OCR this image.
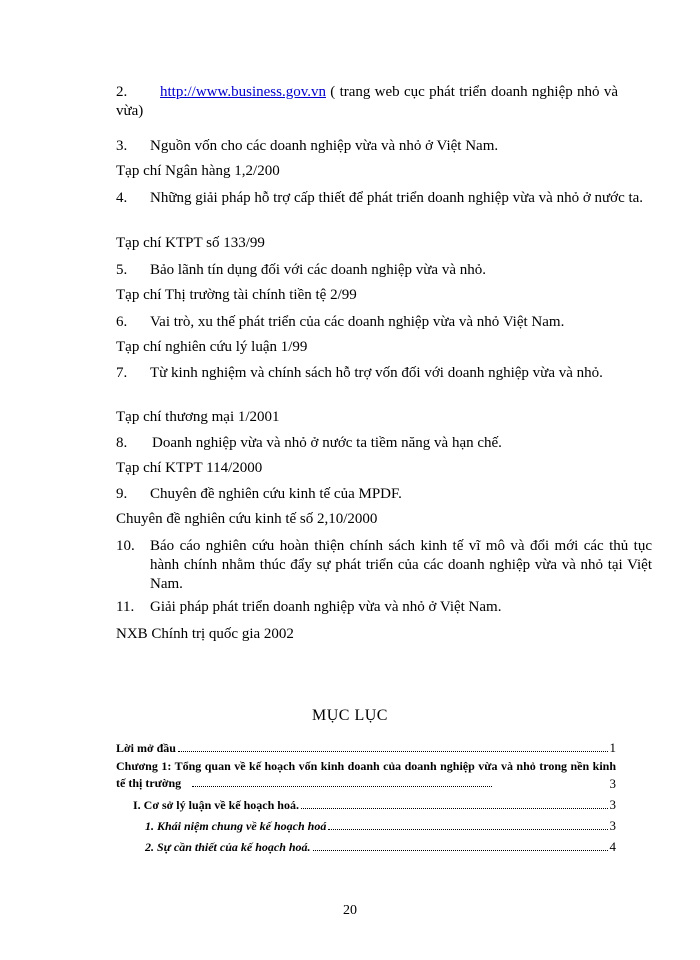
2. http://www.business.gov.vn ( trang web cục phát triển doanh nghiệp nhỏ và vừa)
3. Nguồn vốn cho các doanh nghiệp vừa và nhỏ ở Việt Nam.
Tạp chí Ngân hàng 1,2/200
4. Những giải pháp hỗ trợ cấp thiết để phát triển doanh nghiệp vừa và nhỏ ở nước ta.
Tạp chí KTPT số 133/99
5. Bảo lãnh tín dụng đối với các doanh nghiệp vừa và nhỏ.
Tạp chí Thị trường tài chính tiền tệ 2/99
6. Vai trò, xu thế phát triển của các doanh nghiệp vừa và nhỏ Việt Nam.
Tạp chí nghiên cứu lý luận 1/99
7. Từ kinh nghiệm và chính sách hỗ trợ vốn đối với doanh nghiệp vừa và nhỏ.
Tạp chí thương mại 1/2001
8. Doanh nghiệp vừa và nhỏ ở nước ta tiềm năng và hạn chế.
Tạp chí KTPT 114/2000
9. Chuyên đề nghiên cứu kinh tế của MPDF.
Chuyên đề nghiên cứu kinh tế số 2,10/2000
10. Báo cáo nghiên cứu hoàn thiện chính sách kinh tế vĩ mô và đổi mới các thủ tục hành chính nhằm thúc đẩy sự phát triển của các doanh nghiệp vừa và nhỏ tại Việt Nam.
11. Giải pháp phát triển doanh nghiệp vừa và nhỏ ở Việt Nam.
NXB Chính trị quốc gia 2002
MỤC LỤC
Lời mở đầu	1
Chương 1: Tổng quan về kế hoạch vốn kinh doanh của doanh nghiệp vừa và nhỏ trong nền kinh tế thị trường	3
I. Cơ sở lý luận về kế hoạch hoá.	3
1. Khái niệm chung về kế hoạch hoá	3
2. Sự cần thiết của kế hoạch hoá.	4
20
